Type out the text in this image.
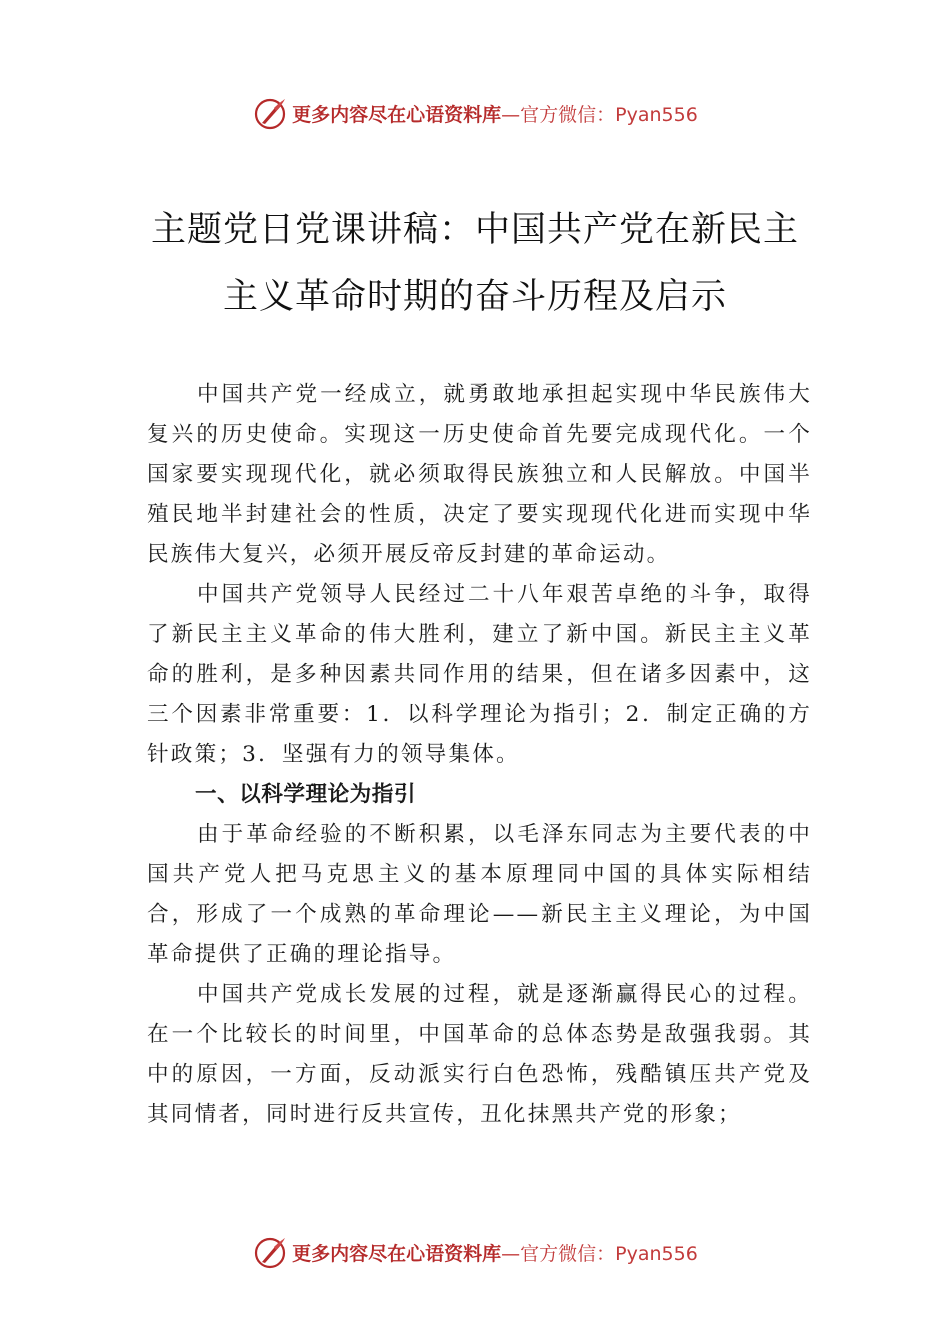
更多内容尽在心语资料库 —官方微信：Pyan556
主题党日党课讲稿：中国共产党在新民主
主义革命时期的奋斗历程及启示

中国共产党一经成立，就勇敢地承担起实现中华民族伟大复兴的历史使命。实现这一历史使命首先要完成现代化。一个国家要实现现代化，就必须取得民族独立和人民解放。中国半殖民地半封建社会的性质，决定了要实现现代化进而实现中华民族伟大复兴，必须开展反帝反封建的革命运动。

中国共产党领导人民经过二十八年艰苦卓绝的斗争，取得了新民主主义革命的伟大胜利，建立了新中国。新民主主义革命的胜利，是多种因素共同作用的结果，但在诸多因素中，这三个因素非常重要：1．以科学理论为指引；2．制定正确的方针政策；3．坚强有力的领导集体。

一、以科学理论为指引

由于革命经验的不断积累，以毛泽东同志为主要代表的中国共产党人把马克思主义的基本原理同中国的具体实际相结合，形成了一个成熟的革命理论——新民主主义理论，为中国革命提供了正确的理论指导。

中国共产党成长发展的过程，就是逐渐赢得民心的过程。在一个比较长的时间里，中国革命的总体态势是敌强我弱。其中的原因，一方面，反动派实行白色恐怖，残酷镇压共产党及其同情者，同时进行反共宣传，丑化抹黑共产党的形象；

更多内容尽在心语资料库 —官方微信：Pyan556
